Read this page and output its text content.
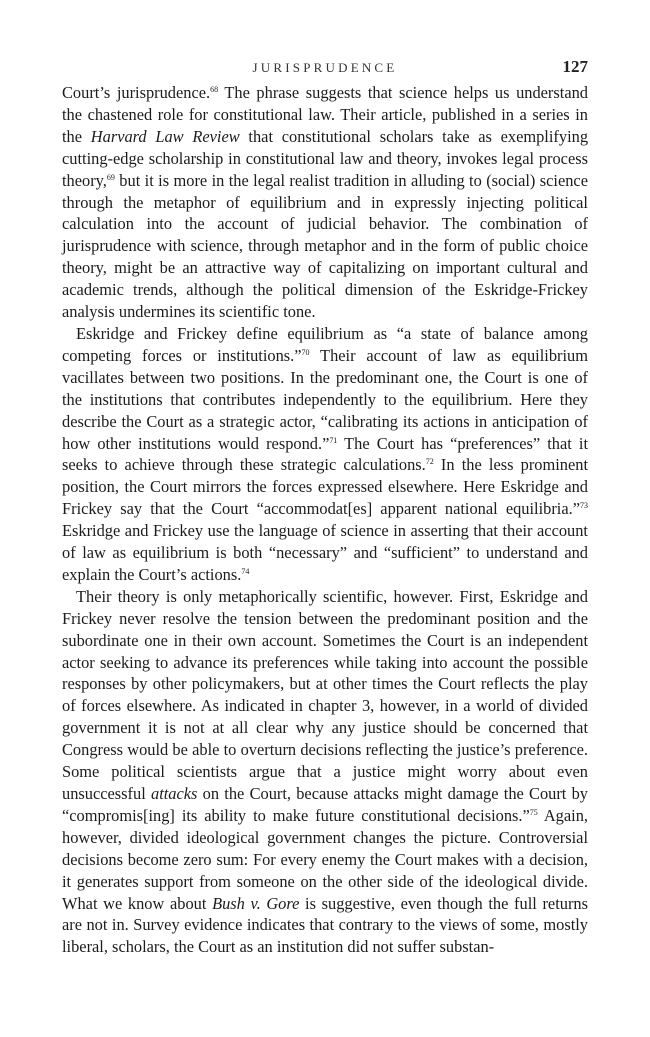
JURISPRUDENCE	127

Court’s jurisprudence.$^{68}$ The phrase suggests that science helps us understand the chastened role for constitutional law. Their article, published in a series in the Harvard Law Review that constitutional scholars take as exemplifying cutting-edge scholarship in constitutional law and theory, invokes legal process theory,$^{69}$ but it is more in the legal realist tradition in alluding to (social) science through the metaphor of equilibrium and in expressly injecting political calculation into the account of judicial behavior. The combination of jurisprudence with science, through metaphor and in the form of public choice theory, might be an attractive way of capitalizing on important cultural and academic trends, although the political dimension of the Eskridge-Frickey analysis undermines its scientific tone.

Eskridge and Frickey define equilibrium as “a state of balance among competing forces or institutions.”$^{70}$ Their account of law as equilibrium vacillates between two positions. In the predominant one, the Court is one of the institutions that contributes independently to the equilibrium. Here they describe the Court as a strategic actor, “calibrating its actions in anticipation of how other institutions would respond.”$^{71}$ The Court has “preferences” that it seeks to achieve through these strategic calculations.$^{72}$ In the less prominent position, the Court mirrors the forces expressed elsewhere. Here Eskridge and Frickey say that the Court “accommodat[es] apparent national equilibria.”$^{73}$ Eskridge and Frickey use the language of science in asserting that their account of law as equilibrium is both “necessary” and “sufficient” to understand and explain the Court’s actions.$^{74}$

Their theory is only metaphorically scientific, however. First, Eskridge and Frickey never resolve the tension between the predominant position and the subordinate one in their own account. Sometimes the Court is an independent actor seeking to advance its preferences while taking into account the possible responses by other policymakers, but at other times the Court reflects the play of forces elsewhere. As indicated in chapter 3, however, in a world of divided government it is not at all clear why any justice should be concerned that Congress would be able to overturn decisions reflecting the justice’s preference. Some political scientists argue that a justice might worry about even unsuccessful attacks on the Court, because attacks might damage the Court by “compromis[ing] its ability to make future constitutional decisions.”$^{75}$ Again, however, divided ideological government changes the picture. Controversial decisions become zero sum: For every enemy the Court makes with a decision, it generates support from someone on the other side of the ideological divide. What we know about Bush v. Gore is suggestive, even though the full returns are not in. Survey evidence indicates that contrary to the views of some, mostly liberal, scholars, the Court as an institution did not suffer substan-
